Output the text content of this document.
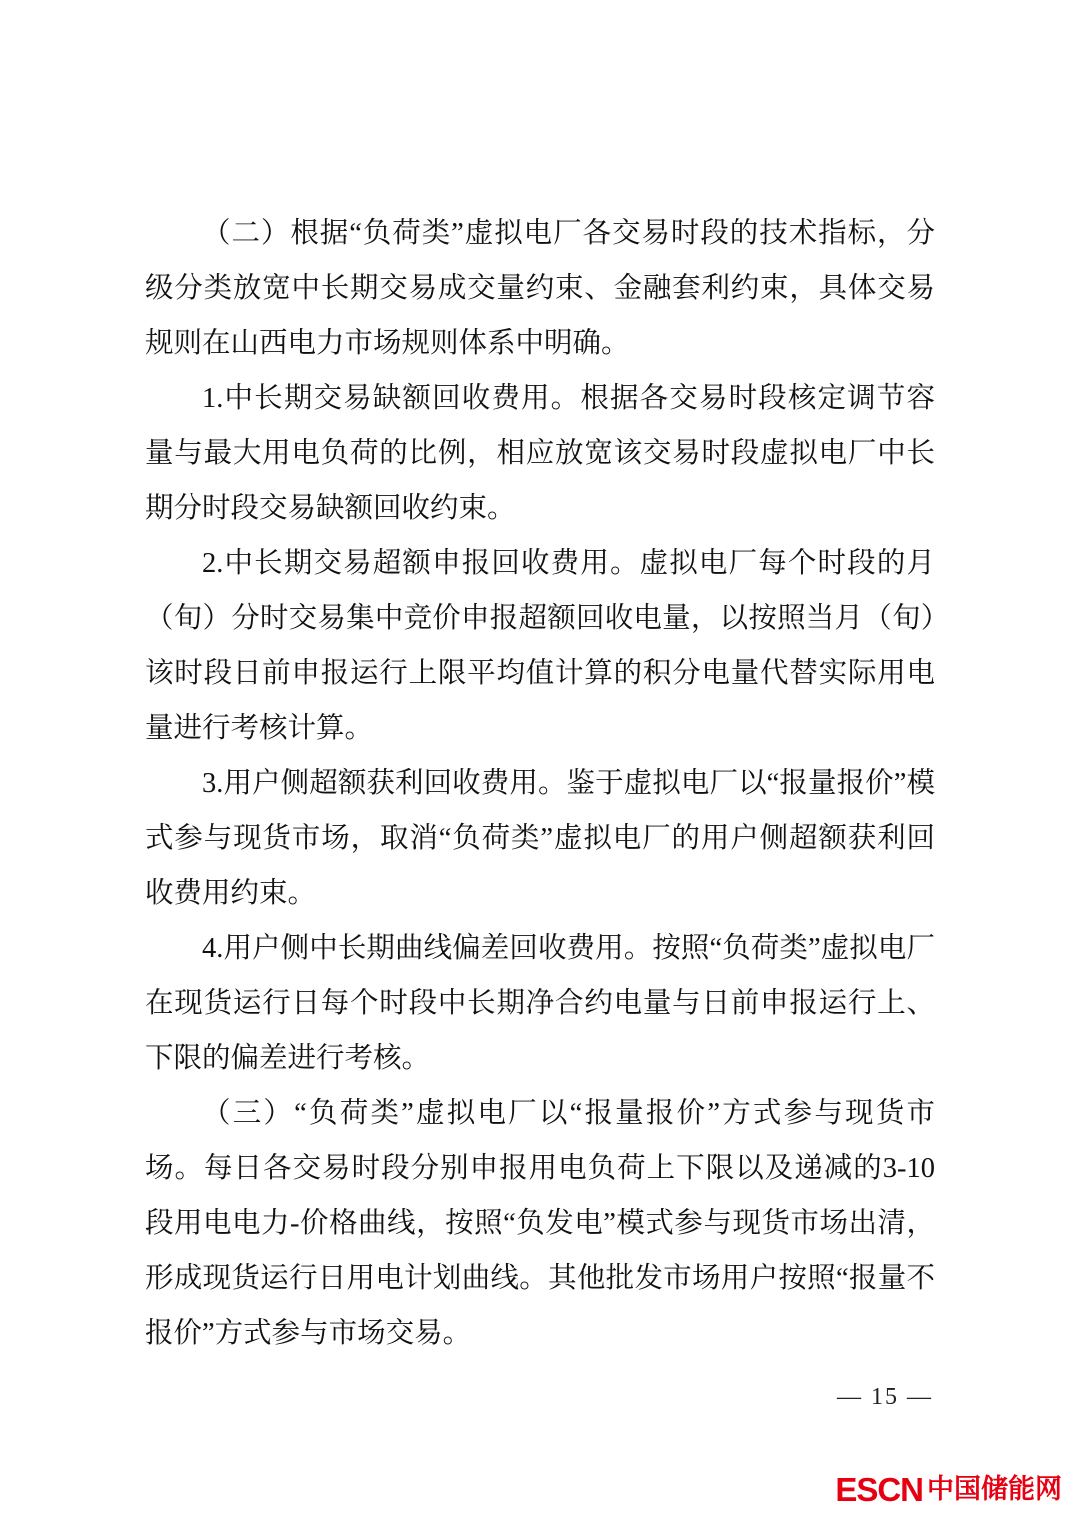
（二）根据“负荷类”虚拟电厂各交易时段的技术指标，分级分类放宽中长期交易成交量约束、金融套利约束，具体交易规则在山西电力市场规则体系中明确。

1.中长期交易缺额回收费用。根据各交易时段核定调节容量与最大用电负荷的比例，相应放宽该交易时段虚拟电厂中长期分时段交易缺额回收约束。

2.中长期交易超额申报回收费用。虚拟电厂每个时段的月（旬）分时交易集中竞价申报超额回收电量，以按照当月（旬）该时段日前申报运行上限平均值计算的积分电量代替实际用电量进行考核计算。

3.用户侧超额获利回收费用。鉴于虚拟电厂以“报量报价”模式参与现货市场，取消“负荷类”虚拟电厂的用户侧超额获利回收费用约束。

4.用户侧中长期曲线偏差回收费用。按照“负荷类”虚拟电厂在现货运行日每个时段中长期净合约电量与日前申报运行上、下限的偏差进行考核。

（三）“负荷类”虚拟电厂以“报量报价”方式参与现货市场。每日各交易时段分别申报用电负荷上下限以及递减的3-10段用电电力-价格曲线，按照“负发电”模式参与现货市场出清，形成现货运行日用电计划曲线。其他批发市场用户按照“报量不报价”方式参与市场交易。

— 15 —
ESCN 中国储能网
